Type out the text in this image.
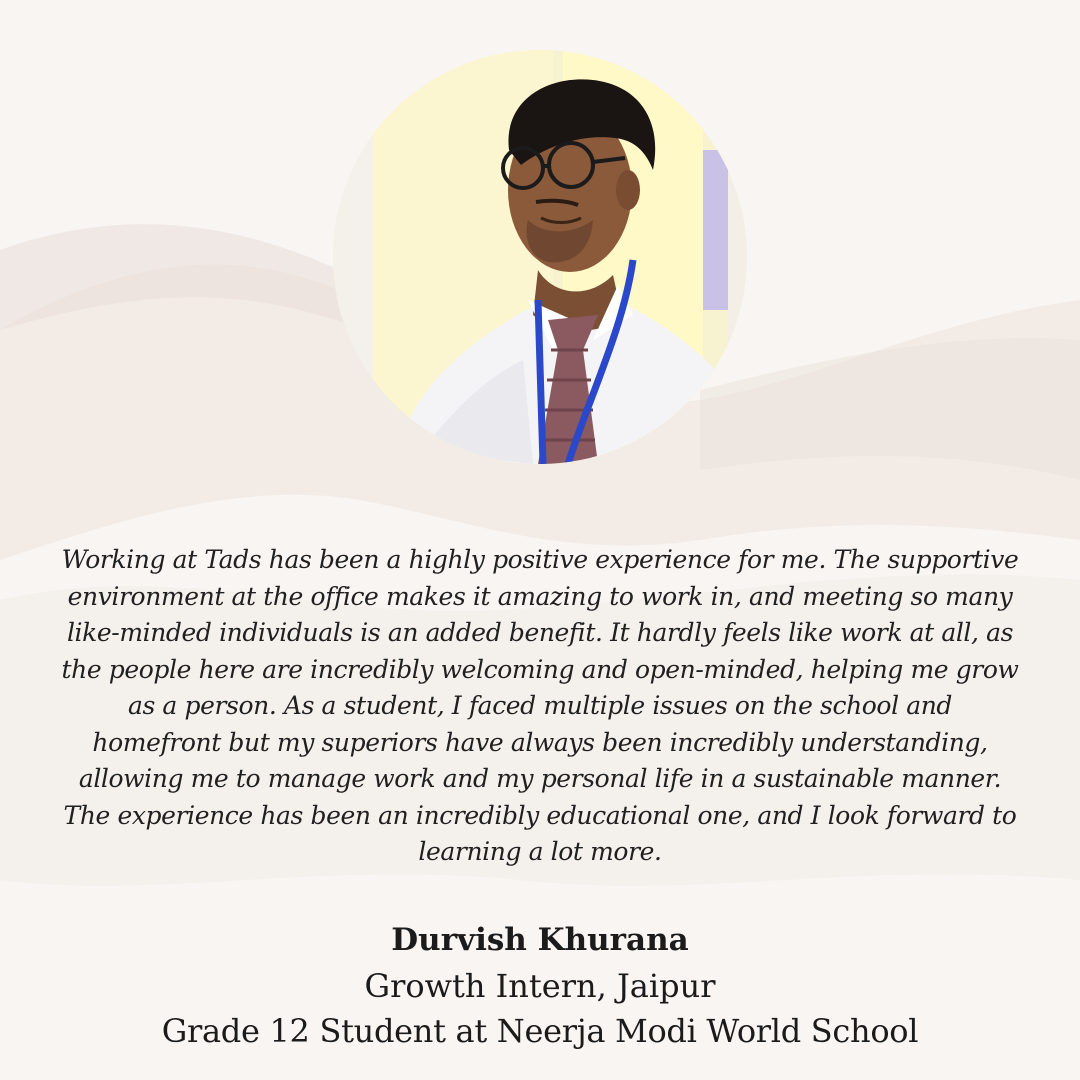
Working at Tads has been a highly positive experience for me. The supportive environment at the office makes it amazing to work in, and meeting so many like-minded individuals is an added benefit. It hardly feels like work at all, as the people here are incredibly welcoming and open-minded, helping me grow as a person. As a student, I faced multiple issues on the school and homefront but my superiors have always been incredibly understanding, allowing me to manage work and my personal life in a sustainable manner. The experience has been an incredibly educational one, and I look forward to learning a lot more.

Durvish Khurana
Growth Intern, Jaipur
Grade 12 Student at Neerja Modi World School
